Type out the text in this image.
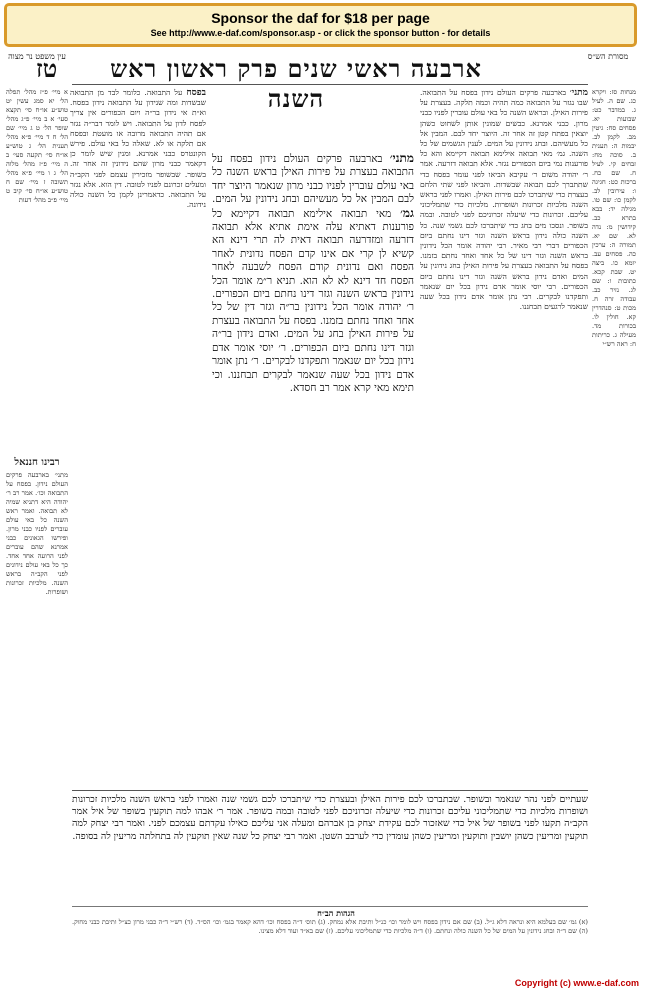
Sponsor the daf for $18 per page
See http://www.e-daf.com/sponsor.asp - or click the sponsor button - for details
מסורת הש״ס
ארבעה ראשי שנים פרק ראשון ראש השנה
טז
עין משפט נר מצוה
מנחות סז: ויקרא כג. שם ה. לעיל ג. במדבר כט: שבועות יא. פסחים סח: גיטין מב. לקמן לב. יבמות ה: תענית ב. סוכה מח: זבחים קי. לעיל ח. שם כח. ברכות כט: חגיגה ו: עירובין לב. לקמן כו: שם טו. מגילה יד: בבא בתרא כב. קידושין מ: נדה לא. שם יא. תמורה ה: ערכין כה. פסחים עב. יומא כו. ביצה יט. שבת קכא. כתובות ו: שם לג. נזיר כב. עבודה זרה ח. מכות ט: סנהדרין קא. חולין לו. בכורות מד. מעילה ג. כריתות ח: ראה רש״י
מתני׳ בארבעה פרקים העולם נידון בפסח על התבואה. שבו נגזר על התבואה כמה תהיה וכמה תלקה. בעצרת על פירות האילן. ובראש השנה כל באי עולם עוברין לפניו כבני מרון. כבני אמרנא. כבשים שמונין אותן לשחוט כשהן יוצאין בפתח קטן זה אחר זה. היוצר יחד לבם. המבין אל כל מעשיהם. ובחג נידונין על המים. לענין הגשמים של כל השנה. גמ׳ מאי תבואה אילימא תבואה דקיימא והא כל פורענות נמי ביום הכפורים נגזר. אלא תבואה דזרעה. אמר ר׳ יהודה משום ר׳ עקיבא הביאו לפני עומר בפסח כדי שתתברך לכם תבואה שבשדות. והביאו לפני שתי הלחם בעצרת כדי שיתברכו לכם פירות האילן. ואמרו לפני בראש השנה מלכיות זכרונות ושופרות. מלכיות כדי שתמליכוני עליכם. זכרונות כדי שיעלה זכרוניכם לפני לטובה. ובמה בשופר. ונסכו מים בחג כדי שיתברכו לכם גשמי שנה. כל השנה כולה נידון בראש השנה וגזר דינו נחתם ביום הכפורים דברי רבי מאיר. רבי יהודה אומר הכל נידונין בראש השנה וגזר דינו של כל אחד ואחד נחתם בזמנו. בפסח על התבואה בעצרת על פירות האילן בחג נידונין על המים ואדם נידון בראש השנה וגזר דינו נחתם ביום הכפורים. רבי יוסי אומר אדם נידון בכל יום שנאמר ותפקדנו לבקרים. רבי נתן אומר אדם נידון בכל שעה שנאמר לרגעים תבחננו.
מתני׳ בארבעה פרקים העולם נידון בפסח על התבואה בעצרת על פירות האילן בראש השנה כל באי עולם עוברין לפניו כבני מרון שנאמר היוצר יחד לבם המבין אל כל מעשיהם ובחג נידונין על המים. גמ׳ מאי תבואה אילימא תבואה דקיימא כל פורענות דאתיא עלה אימת אתיא אלא תבואה דזרעה ומזדרעה תבואה דאית לה תרי דינא הא קשיא לן קרי אם אינו קדם הפסח נדונית לאחר הפסח ואם נדונית קודם הפסח לשבעה לאחר הפסח חד דינא לא לא הוא. תניא ר״מ אומר הכל נידונין בראש השנה וגזר דינו נחתם ביום הכפורים. ר׳ יהודה אומר הכל נידונין בר״ה וגזר דין של כל אחד ואחד נחתם בזמנו. בפסח על התבואה בעצרת על פירות האילן בחג על המים. ואדם נידון בר״ה וגזר דינו נחתם ביום הכפורים. ר׳ יוסי אומר אדם נידון בכל יום שנאמר ותפקדנו לבקרים. ר׳ נתן אומר אדם נידון בכל שעה שנאמר לבקרים תבחננו. וכי תימא מאי קרא אמר רב חסדא.
בפסח על התבואה. כלומר לבד מן התבואה שבשדות ומה שנידון על התבואה נידון בפסח. וא״ת אי נידון בר״ה ויום הכפורים אין צריך לפסח לדון על התבואה. ויש לומר דבר״ה נגזר אם תהיה התבואה מרובה או מועטת ובפסח אם תלקה או לא. שאלה כל באי עולם. פירש הקונטרס כבני אמרנא. ומנין שיש לומר כן דקאמר כבני מרון שהם נידונין זה אחר זה. בשופר. שבשופר מזכירין עצמם לפני הקב״ה ומעלים זכרונם לפניו לטובה. דין הוא. אלא נגזר על התבואה. כדאמרינן לקמן כל השנה כולה נידונה.
א מיי׳ פ״ז מהל׳ תפלה הל׳ יא סמג עשין יט טוש״ע או״ח סי׳ תקצא סעי׳ א ב מיי׳ פ״ג מהל׳ שופר הל׳ ט ג מיי׳ שם הל׳ ח ד מיי׳ פ״א מהל׳ תענית הל׳ ג טוש״ע או״ח סי׳ תקעה סעי׳ ב ה מיי׳ פ״ז מהל׳ מלוה הל׳ ג ו מיי׳ פ״א מהל׳ תשובה ז מיי׳ שם ח טוש״ע או״ח סי׳ קיב ט מיי׳ פ״ב מהל׳ דעות
רבינו חננאל
מתני׳ בארבעה פרקים העולם נידון. בפסח על התבואה וכו׳. אמר רב ר׳ יהודה היא דתניא שמיה לא תבואה. ואמר ראש השנה כל באי עולם עוברים לפניו כבני מרון. ופירשו הגאונים כבני אמרנא שהם עוברים לפני הרועה אחד אחד. כך כל באי עולם נידונים לפני הקב״ה בראש השנה. מלכיות זכרונות ושופרות.
שעתיים לפני נהר שנאמר ובשופר. שבתברכו לכם פירות האילן ובעצרת כדי שיתברכו לכם גשמי שנה ואמרו לפני בראש השנה מלכיות זכרונות ושופרות מלכיות כדי שתמליכוני עליכם זכרונות כדי שיעלה זכרוניכם לפני לטובה ובמה בשופר. אמר ר׳ אבהו למה תוקעין בשופר של איל אמר הקב״ה תקעו לפני בשופר של איל כדי שאזכור לכם עקידת יצחק בן אברהם ומעלה אני עליכם כאילו עקדתם עצמכם לפני. ואמר רבי יצחק למה תוקעין ומריעין כשהן יושבין ותוקעין ומריעין כשהן עומדין כדי לערבב השטן. ואמר רבי יצחק כל שנה שאין תוקעין לה בתחלתה מריעין לה בסופה.
הגהות הב״ח
(א) גמ׳ שם בעלמא היא ונראה דלא ג״ל. (ב) שם אם נידון בפסח ויש לומר וכו׳ כנ״ל ותיבת אלא נמחק. (ג) תוס׳ ד״ה בפסח וכו׳ דהא קאמר בגמ׳ וכו׳ הס״ד. (ד) רש״י ד״ה כבני מרון כצ״ל ותיבת כבני מחוק. (ה) שם ד״ה ובחג נידונין על המים של כל השנה כולה ונחתם. (ו) ד״ה מלכיות כדי שתמליכוני עליכם. (ז) שם בא״ד ועוד דלא מצינו.
Copyright (c) www.e-daf.com
